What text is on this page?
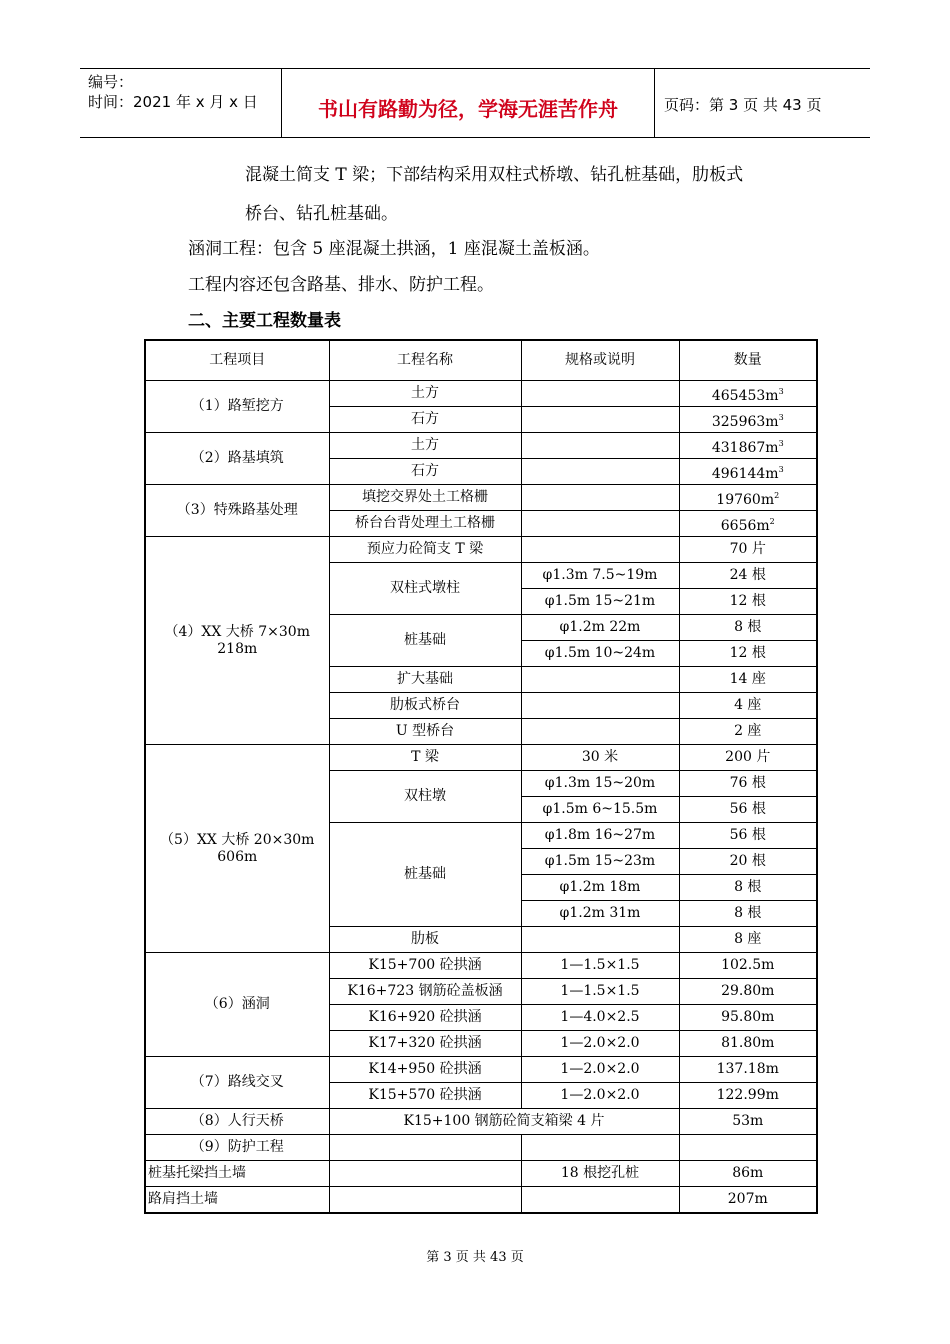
编号：
时间：2021 年 x 月 x 日	书山有路勤为径，学海无涯苦作舟	页码：第 3 页 共 43 页
混凝土简支 T 梁；下部结构采用双柱式桥墩、钻孔桩基础，肋板式
桥台、钻孔桩基础。
涵洞工程：包含 5 座混凝土拱涵，1 座混凝土盖板涵。
工程内容还包含路基、排水、防护工程。
二、主要工程数量表
工程项目	工程名称	规格或说明	数量
（1）路堑挖方	土方		$465453m^3$
	石方		$325963m^3$
（2）路基填筑	土方		$431867m^3$
	石方		$496144m^3$
（3）特殊路基处理	填挖交界处土工格栅		$19760m^2$
	桥台台背处理土工格栅		$6656m^2$
（4）XX 大桥 7×30m 218m	预应力砼简支 T 梁		70 片
	双柱式墩柱	φ1.3m 7.5~19m	24 根
		φ1.5m 15~21m	12 根
	桩基础	φ1.2m 22m	8 根
		φ1.5m 10~24m	12 根
	扩大基础		14 座
	肋板式桥台		4 座
	U 型桥台		2 座
（5）XX 大桥 20×30m 606m	T 梁	30 米	200 片
	双柱墩	φ1.3m 15~20m	76 根
		φ1.5m 6~15.5m	56 根
	桩基础	φ1.8m 16~27m	56 根
		φ1.5m 15~23m	20 根
		φ1.2m 18m	8 根
		φ1.2m 31m	8 根
	肋板		8 座
（6）涵洞	K15+700 砼拱涵	1—1.5×1.5	102.5m
	K16+723 钢筋砼盖板涵	1—1.5×1.5	29.80m
	K16+920 砼拱涵	1—4.0×2.5	95.80m
	K17+320 砼拱涵	1—2.0×2.0	81.80m
（7）路线交叉	K14+950 砼拱涵	1—2.0×2.0	137.18m
	K15+570 砼拱涵	1—2.0×2.0	122.99m
（8）人行天桥	K15+100 钢筋砼简支箱梁 4 片		53m
（9）防护工程			
桩基托梁挡土墙		18 根挖孔桩	86m
路肩挡土墙			207m
第 3 页 共 43 页
